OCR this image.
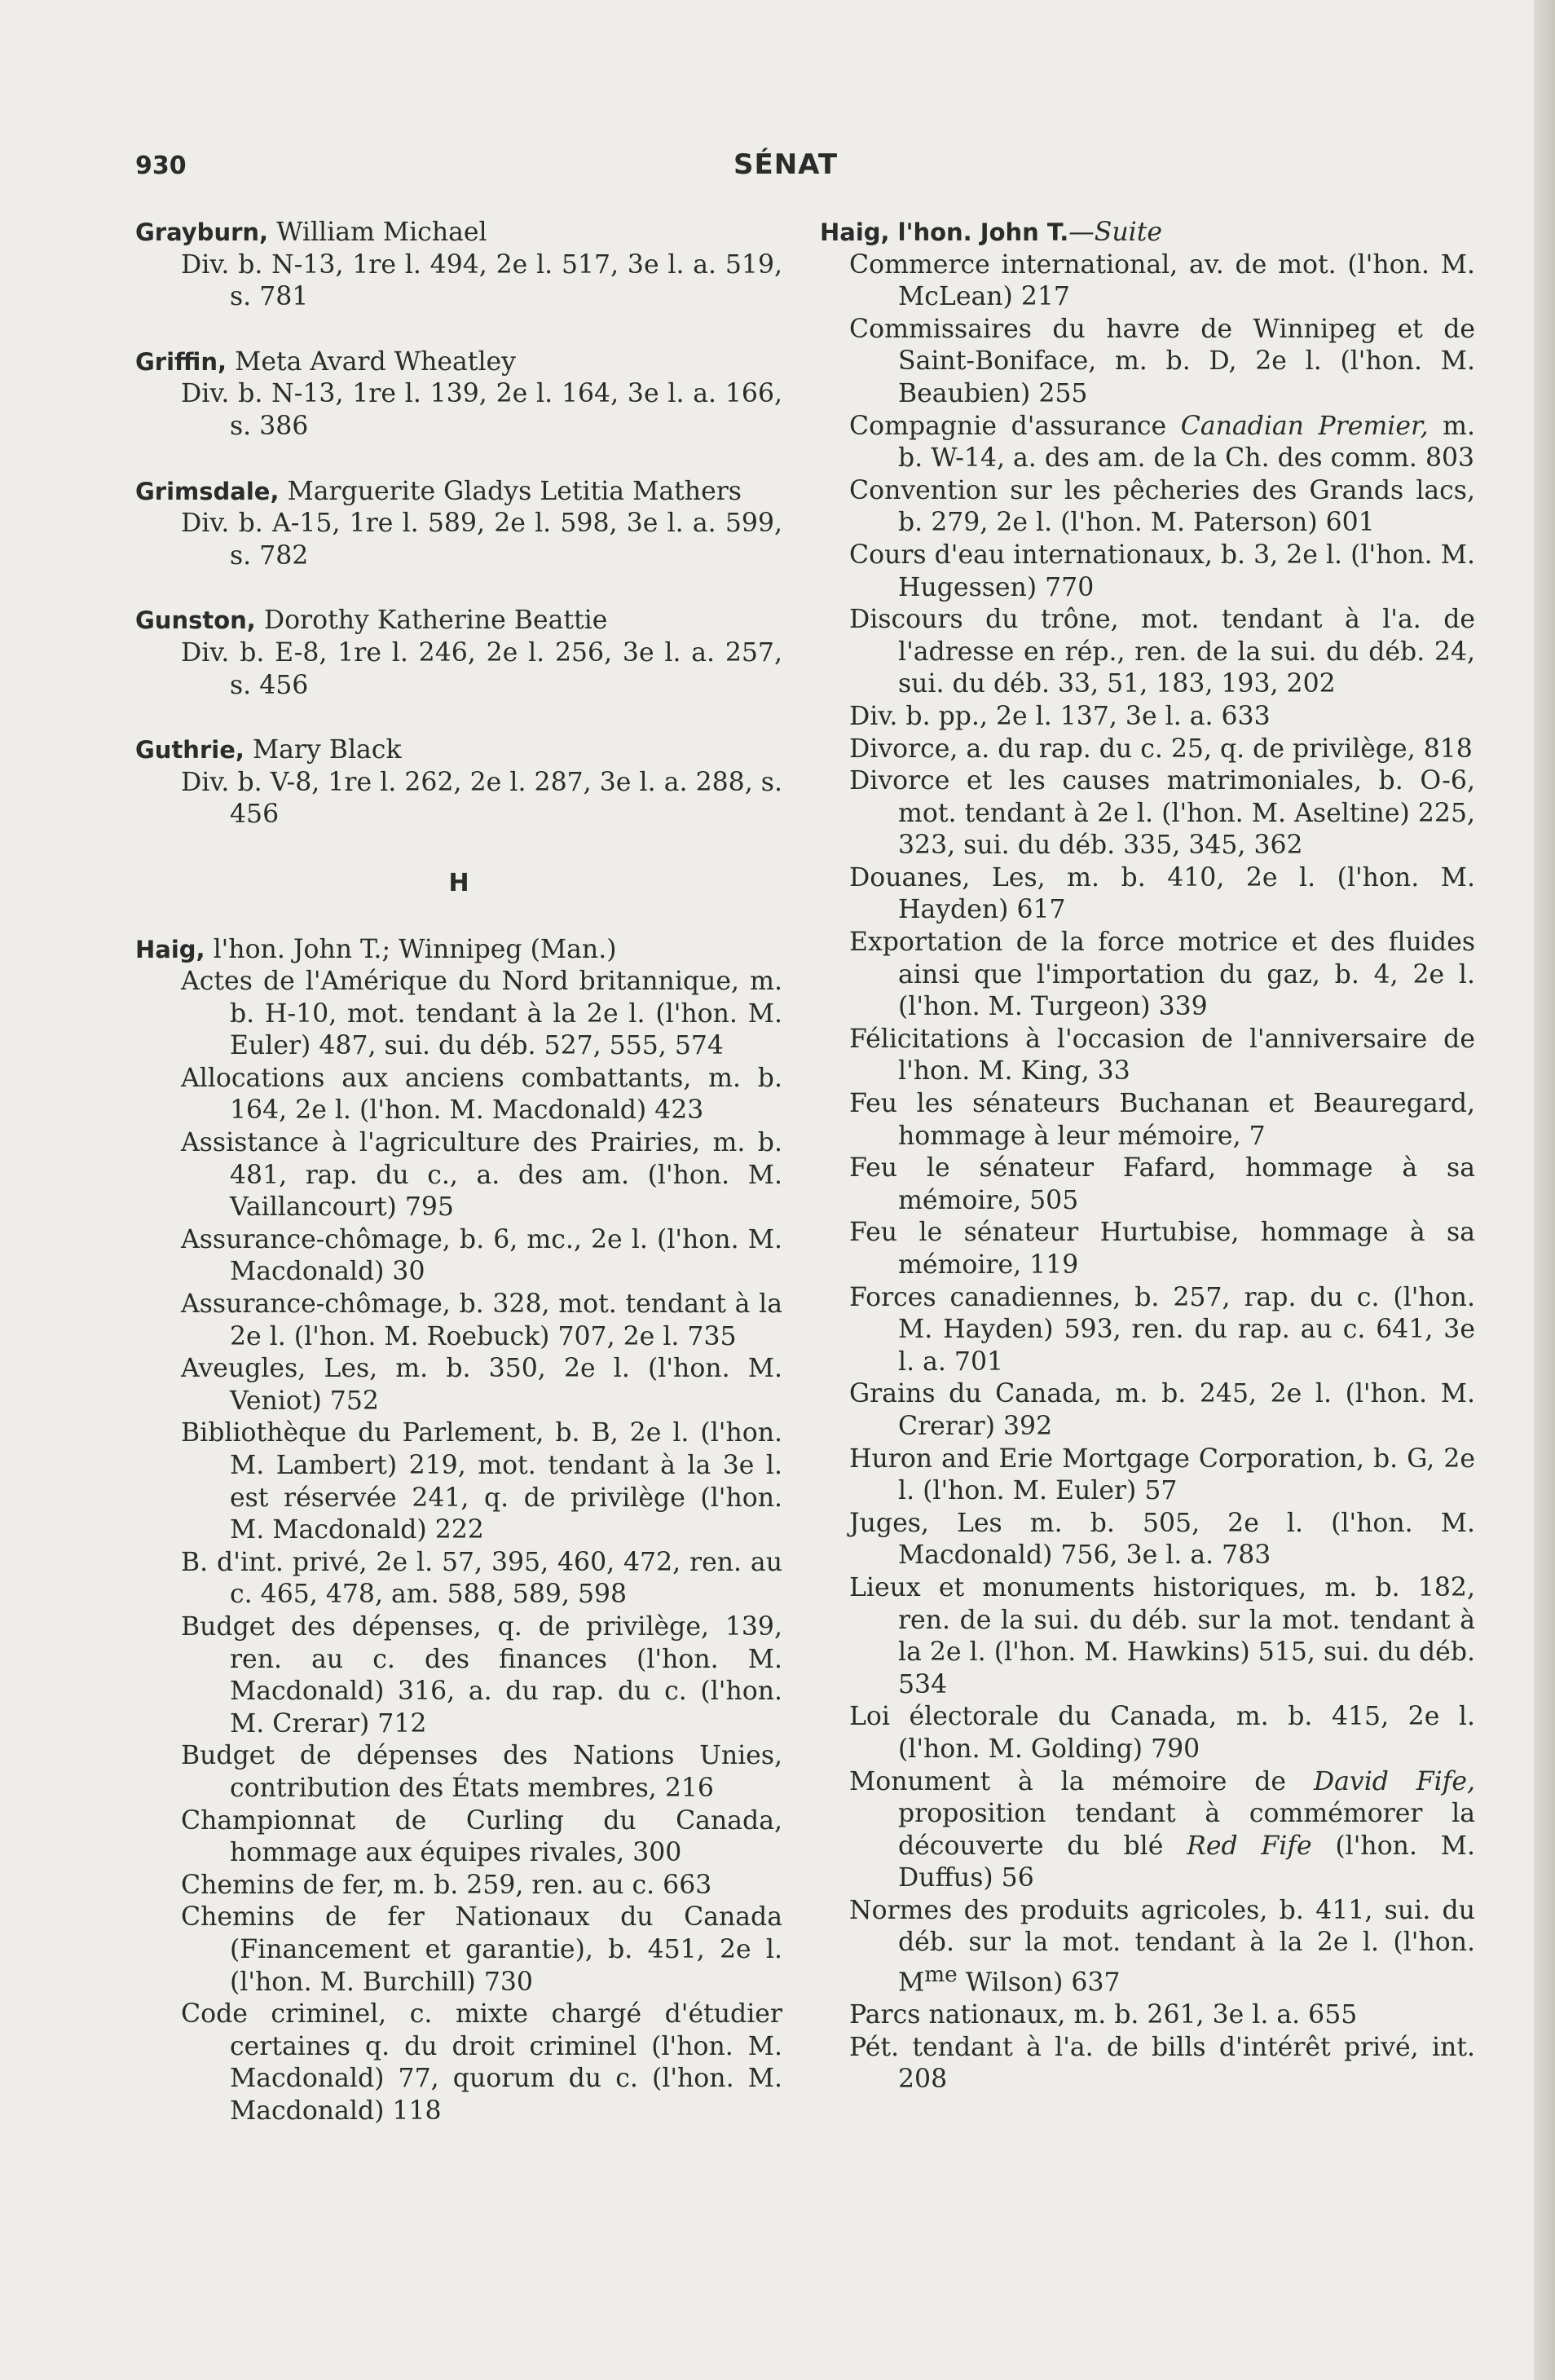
930	SÉNAT

Grayburn, William Michael

Div. b. N-13, 1re l. 494, 2e l. 517, 3e l. a. 519, s. 781

Griffin, Meta Avard Wheatley

Div. b. N-13, 1re l. 139, 2e l. 164, 3e l. a. 166, s. 386

Grimsdale, Marguerite Gladys Letitia Mathers

Div. b. A-15, 1re l. 589, 2e l. 598, 3e l. a. 599, s. 782

Gunston, Dorothy Katherine Beattie

Div. b. E-8, 1re l. 246, 2e l. 256, 3e l. a. 257, s. 456

Guthrie, Mary Black

Div. b. V-8, 1re l. 262, 2e l. 287, 3e l. a. 288, s. 456

H

Haig, l'hon. John T.; Winnipeg (Man.)

Actes de l'Amérique du Nord britannique, m. b. H-10, mot. tendant à la 2e l. (l'hon. M. Euler) 487, sui. du déb. 527, 555, 574

Allocations aux anciens combattants, m. b. 164, 2e l. (l'hon. M. Macdonald) 423

Assistance à l'agriculture des Prairies, m. b. 481, rap. du c., a. des am. (l'hon. M. Vaillancourt) 795

Assurance-chômage, b. 6, mc., 2e l. (l'hon. M. Macdonald) 30

Assurance-chômage, b. 328, mot. tendant à la 2e l. (l'hon. M. Roebuck) 707, 2e l. 735

Aveugles, Les, m. b. 350, 2e l. (l'hon. M. Veniot) 752

Bibliothèque du Parlement, b. B, 2e l. (l'hon. M. Lambert) 219, mot. tendant à la 3e l. est réservée 241, q. de privilège (l'hon. M. Macdonald) 222

B. d'int. privé, 2e l. 57, 395, 460, 472, ren. au c. 465, 478, am. 588, 589, 598

Budget des dépenses, q. de privilège, 139, ren. au c. des finances (l'hon. M. Macdonald) 316, a. du rap. du c. (l'hon. M. Crerar) 712

Budget de dépenses des Nations Unies, contribution des États membres, 216

Championnat de Curling du Canada, hommage aux équipes rivales, 300

Chemins de fer, m. b. 259, ren. au c. 663

Chemins de fer Nationaux du Canada (Financement et garantie), b. 451, 2e l. (l'hon. M. Burchill) 730

Code criminel, c. mixte chargé d'étudier certaines q. du droit criminel (l'hon. M. Macdonald) 77, quorum du c. (l'hon. M. Macdonald) 118

Haig, l'hon. John T.—Suite

Commerce international, av. de mot. (l'hon. M. McLean) 217

Commissaires du havre de Winnipeg et de Saint-Boniface, m. b. D, 2e l. (l'hon. M. Beaubien) 255

Compagnie d'assurance Canadian Premier, m. b. W-14, a. des am. de la Ch. des comm. 803

Convention sur les pêcheries des Grands lacs, b. 279, 2e l. (l'hon. M. Paterson) 601

Cours d'eau internationaux, b. 3, 2e l. (l'hon. M. Hugessen) 770

Discours du trône, mot. tendant à l'a. de l'adresse en rép., ren. de la sui. du déb. 24, sui. du déb. 33, 51, 183, 193, 202

Div. b. pp., 2e l. 137, 3e l. a. 633

Divorce, a. du rap. du c. 25, q. de privilège, 818

Divorce et les causes matrimoniales, b. O-6, mot. tendant à 2e l. (l'hon. M. Aseltine) 225, 323, sui. du déb. 335, 345, 362

Douanes, Les, m. b. 410, 2e l. (l'hon. M. Hayden) 617

Exportation de la force motrice et des fluides ainsi que l'importation du gaz, b. 4, 2e l. (l'hon. M. Turgeon) 339

Félicitations à l'occasion de l'anniversaire de l'hon. M. King, 33

Feu les sénateurs Buchanan et Beauregard, hommage à leur mémoire, 7

Feu le sénateur Fafard, hommage à sa mémoire, 505

Feu le sénateur Hurtubise, hommage à sa mémoire, 119

Forces canadiennes, b. 257, rap. du c. (l'hon. M. Hayden) 593, ren. du rap. au c. 641, 3e l. a. 701

Grains du Canada, m. b. 245, 2e l. (l'hon. M. Crerar) 392

Huron and Erie Mortgage Corporation, b. G, 2e l. (l'hon. M. Euler) 57

Juges, Les m. b. 505, 2e l. (l'hon. M. Macdonald) 756, 3e l. a. 783

Lieux et monuments historiques, m. b. 182, ren. de la sui. du déb. sur la mot. tendant à la 2e l. (l'hon. M. Hawkins) 515, sui. du déb. 534

Loi électorale du Canada, m. b. 415, 2e l. (l'hon. M. Golding) 790

Monument à la mémoire de David Fife, proposition tendant à commémorer la découverte du blé Red Fife (l'hon. M. Duffus) 56

Normes des produits agricoles, b. 411, sui. du déb. sur la mot. tendant à la 2e l. (l'hon. $M^{me}$ Wilson) 637

Parcs nationaux, m. b. 261, 3e l. a. 655

Pét. tendant à l'a. de bills d'intérêt privé, int. 208
